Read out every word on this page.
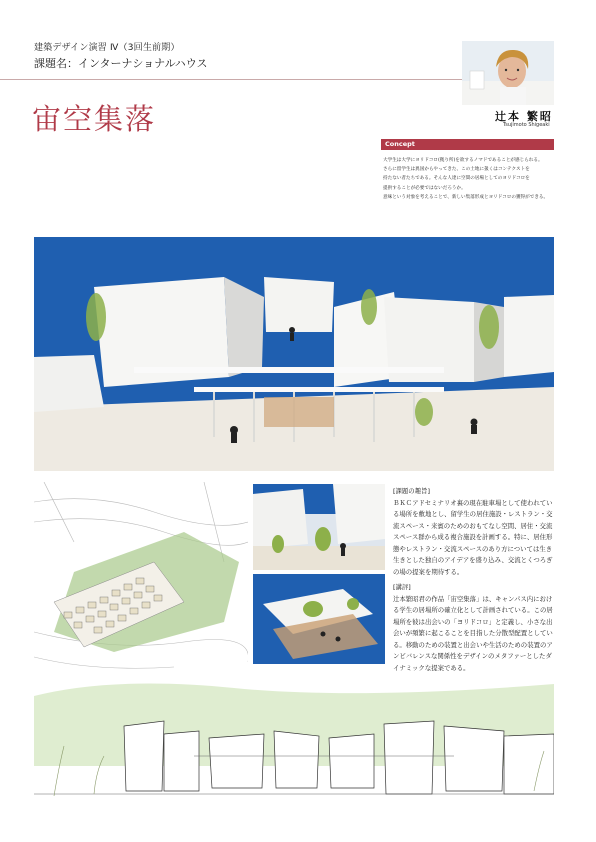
建築デザイン演習 Ⅳ（3回生前期）
課題名：インターナショナルハウス
宙空集落	辻本 繁昭
Tsujimoto Shigeaki
Concept
大学生は大学にヨリドコロ(拠り所)を欲するノマドであることが感じられる。
さらに留学生は異国からやってきた、この土地に扱くはコンテクストを
持たない者たちである。そんな人達に空間の居場としてのヨリドコロを
提供することが必要ではないだろうか。
意味という対象を考えることで、新しい集落形成とヨリドコロの獲得ができる。
[課題の趣旨]
ＢＫＣアドセミナリオ裏の現在駐車場として使われている場所を敷地とし、留学生の居住施設・レストラン・交流スペース・来賓のためのおもてなし空間、居住・交流スペース群から成る複合施設を計画する。特に、居住形態やレストラン・交流スペースのあり方については生き生きとした独自のアイデアを盛り込み、交流とくつろぎの場の提案を期待する。
[講評]
辻本繁昭君の作品「宙空集落」は、キャンパス内における学生の居場所の確立化として計画されている。この居場所を彼は出会いの「ヨリドコロ」と定義し、小さな出会いが頻繁に起こることを目指した分散型配置としている。移動のための装置と出会いや生活のための装置のアンビバレンスな関係性をデザインのメタファーとしたダイナミックな提案である。
